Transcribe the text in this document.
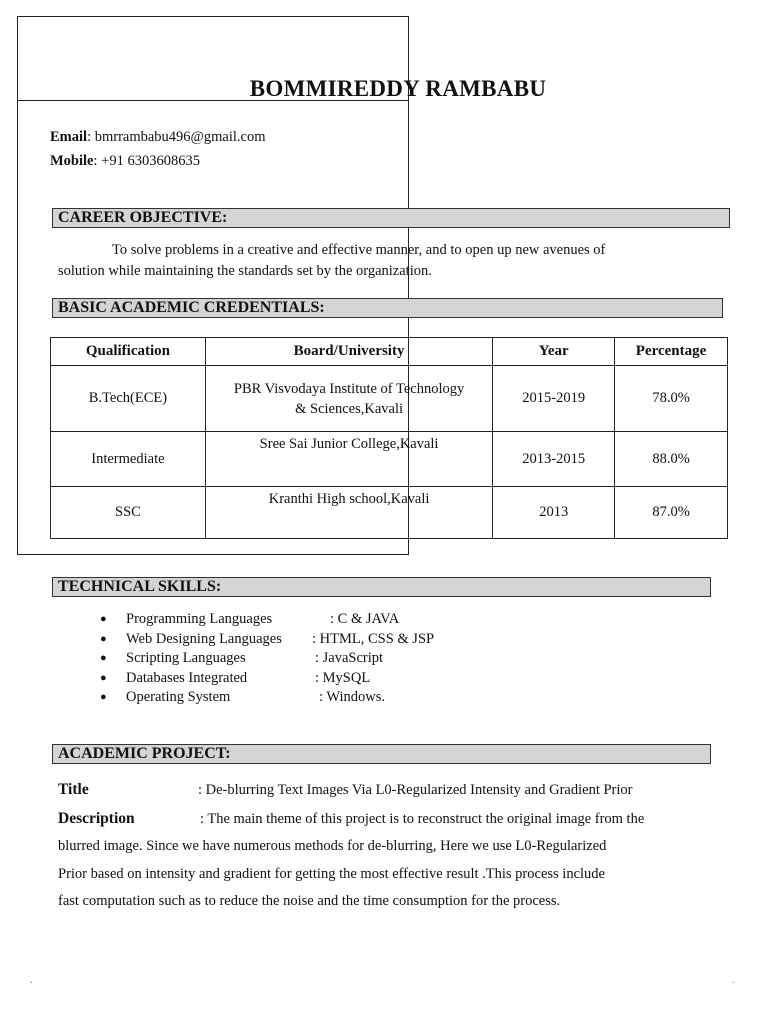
BOMMIREDDY RAMBABU
Email: bmrrambabu496@gmail.com
Mobile: +91 6303608635
CAREER OBJECTIVE:
To solve problems in a creative and effective manner, and to open up new avenues of
solution while maintaining the standards set by the organization.
BASIC ACADEMIC CREDENTIALS:
Qualification	Board/University	Year	Percentage
B.Tech(ECE)	PBR Visvodaya Institute of Technology
& Sciences,Kavali	2015-2019	78.0%
Intermediate	Sree Sai Junior College,Kavali	2013-2015	88.0%
SSC	Kranthi High school,Kavali	2013	87.0%
TECHNICAL SKILLS:
● Programming Languages	: C & JAVA
● Web Designing Languages : HTML, CSS & JSP
● Scripting Languages	: JavaScript
● Databases Integrated	: MySQL
● Operating System	: Windows.
ACADEMIC PROJECT:
Title	: De-blurring Text Images Via L0-Regularized Intensity and Gradient Prior
Description	: The main theme of this project is to reconstruct the original image from the
blurred image. Since we have numerous methods for de-blurring, Here we use L0-Regularized
Prior based on intensity and gradient for getting the most effective result .This process include
fast computation such as to reduce the noise and the time consumption for the process.
.	.
